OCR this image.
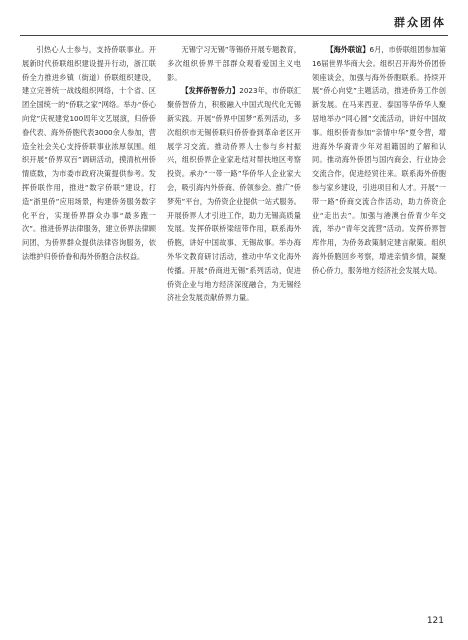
群众团体

引热心人士参与，支持侨联事业。开展新时代侨联组织建设提升行动，浙江联侨全力推进乡镇（街道）侨联组织建设，建立完善统一战线组织网络，十个省、区团全国统一的“侨联之家”网络。举办“侨心向党”庆祝建党100周年文艺展演，归侨侨眷代表、海外侨胞代表3000余人参加，营造全社会关心支持侨联事业浓厚氛围。组织开展“侨界双百”调研活动，摸清杭州侨情底数，为市委市政府决策提供参考。发挥侨联作用，推进“数字侨联”建设，打造“浙里侨”应用场景，构建侨务服务数字化平台，实现侨界群众办事“最多跑一次”。推进侨界法律服务，建立侨界法律顾问团，为侨界群众提供法律咨询服务，依法维护归侨侨眷和海外侨胞合法权益。

无锡宁习无锡”等锡侨开展专题教育，多次组织侨界干部群众观看爱国主义电影。

【发挥侨智侨力】2023年，市侨联汇聚侨智侨力，积极融入中国式现代化无锡新实践。开展“侨界中国梦”系列活动，多次组织市无锡侨联归侨侨眷到革命老区开展学习交流。推动侨界人士参与乡村振兴，组织侨界企业家赴结对帮扶地区考察投资。承办“一带一路”华侨华人企业家大会，吸引海内外侨商、侨领参会。推广“侨梦苑”平台，为侨资企业提供一站式服务。开展侨界人才引进工作，助力无锡高质量发展。发挥侨联桥梁纽带作用，联系海外侨胞，讲好中国故事、无锡故事。举办海外华文教育研讨活动，推动中华文化海外传播。开展“侨商进无锡”系列活动，促进侨资企业与地方经济深度融合，为无锡经济社会发展贡献侨界力量。

【海外联谊】6月，市侨联组团参加第16届世界华商大会。组织召开海外侨团侨领座谈会，加强与海外侨胞联系。持续开展“侨心向党”主题活动，推进侨务工作创新发展。在马来西亚、泰国等华侨华人聚居地举办“同心圆”交流活动，讲好中国故事。组织侨青参加“亲情中华”夏令营，增进海外华裔青少年对祖籍国的了解和认同。推动海外侨团与国内商会、行业协会交流合作，促进经贸往来。联系海外侨胞参与家乡建设，引进项目和人才。开展“一带一路”侨商交流合作活动，助力侨资企业“走出去”。加强与港澳台侨青少年交流，举办“青年交流营”活动。发挥侨界智库作用，为侨务政策制定建言献策。组织海外侨胞回乡考察，增进亲情乡情，凝聚侨心侨力，服务地方经济社会发展大局。

121
